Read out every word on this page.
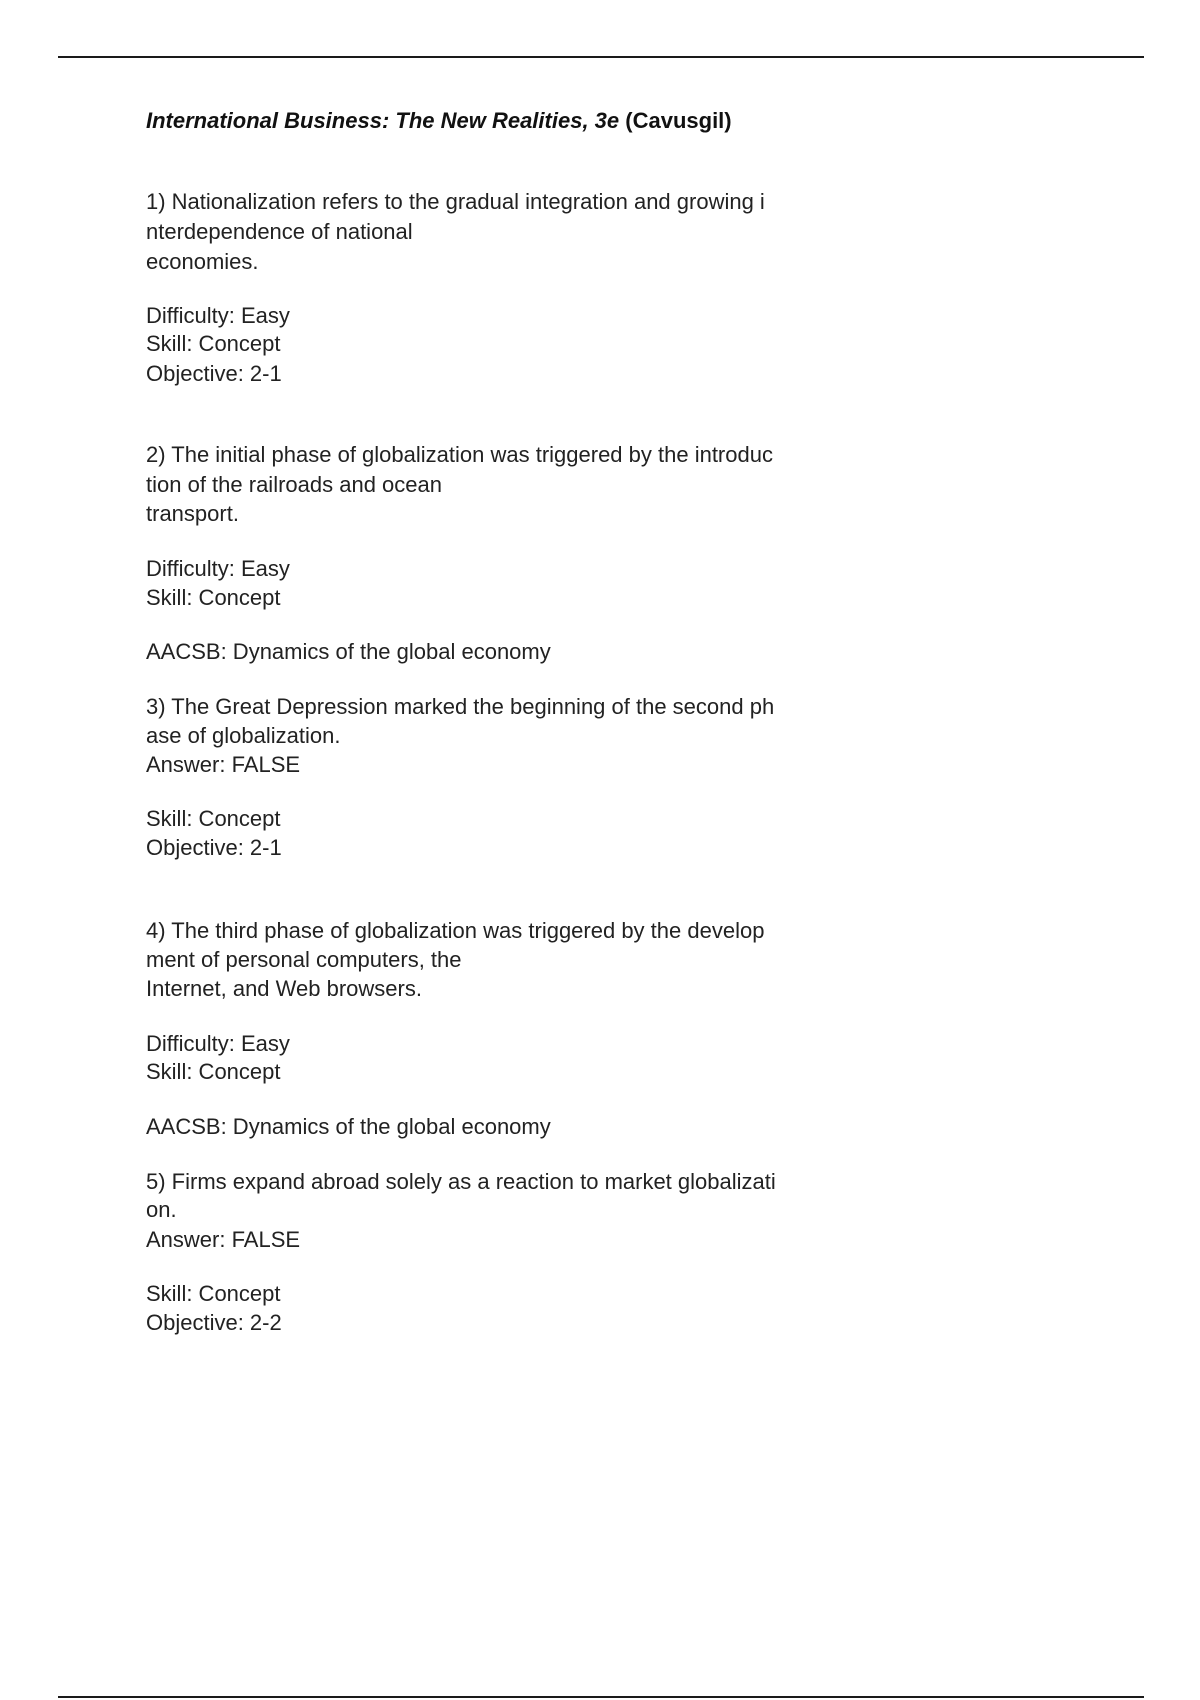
International Business: The New Realities, 3e (Cavusgil)
1) Nationalization refers to the gradual integration and growing i
nterdependence of national
economies.
Difficulty: Easy
Skill: Concept
Objective: 2-1
2) The initial phase of globalization was triggered by the introduc
tion of the railroads and ocean
transport.
Difficulty: Easy
Skill: Concept
AACSB: Dynamics of the global economy
3) The Great Depression marked the beginning of the second ph
ase of globalization.
Answer: FALSE
Skill: Concept
Objective: 2-1
4) The third phase of globalization was triggered by the develop
ment of personal computers, the
Internet, and Web browsers.
Difficulty: Easy
Skill: Concept
AACSB: Dynamics of the global economy
5) Firms expand abroad solely as a reaction to market globalizati
on.
Answer: FALSE
Skill: Concept
Objective: 2-2
